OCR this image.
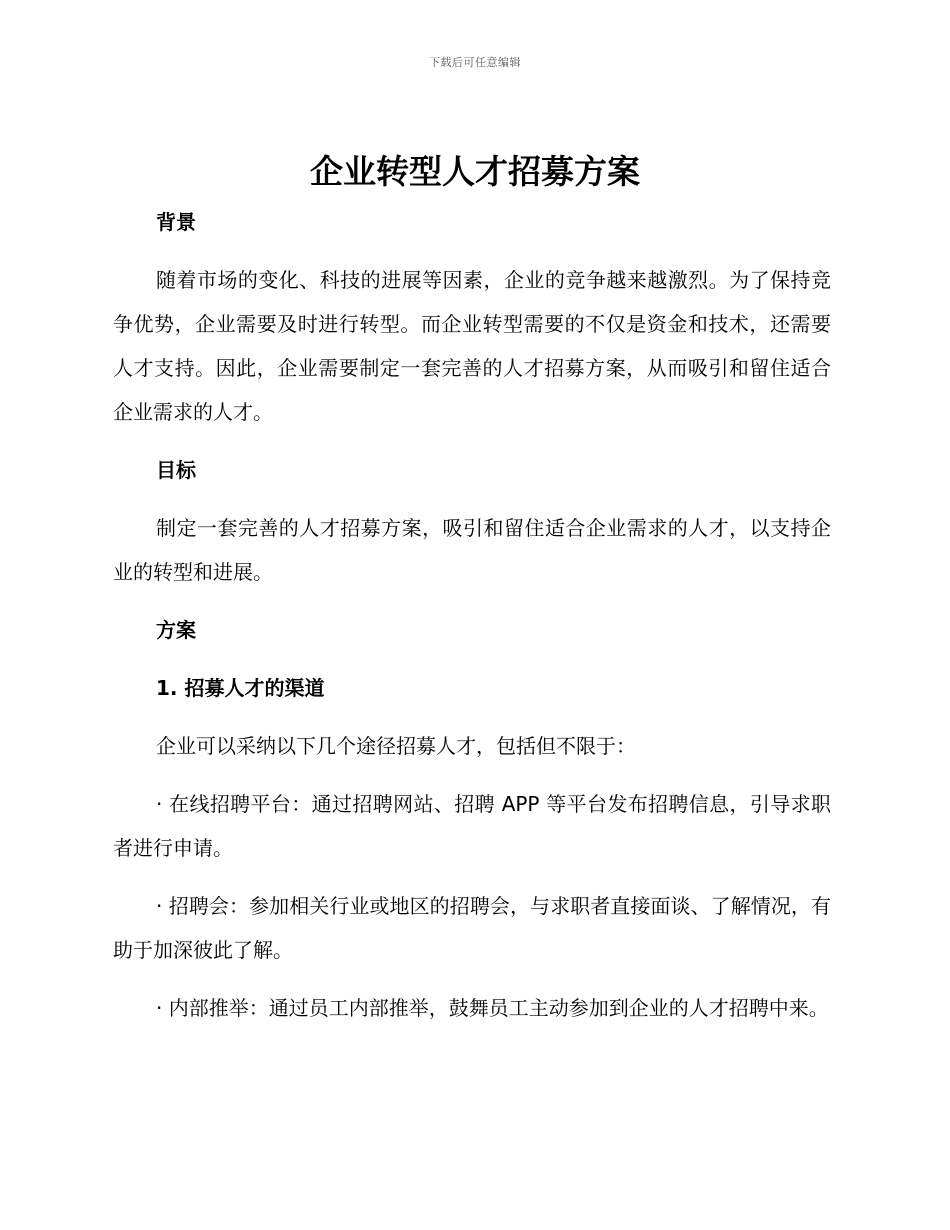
下载后可任意编辑
企业转型人才招募方案
背景

随着市场的变化、科技的进展等因素，企业的竞争越来越激烈。为了保持竞争优势，企业需要及时进行转型。而企业转型需要的不仅是资金和技术，还需要人才支持。因此，企业需要制定一套完善的人才招募方案，从而吸引和留住适合企业需求的人才。

目标

制定一套完善的人才招募方案，吸引和留住适合企业需求的人才，以支持企业的转型和进展。

方案
1. 招募人才的渠道

企业可以采纳以下几个途径招募人才，包括但不限于：

· 在线招聘平台：通过招聘网站、招聘 APP 等平台发布招聘信息，引导求职者进行申请。

· 招聘会：参加相关行业或地区的招聘会，与求职者直接面谈、了解情况，有助于加深彼此了解。

· 内部推举：通过员工内部推举，鼓舞员工主动参加到企业的人才招聘中来。
